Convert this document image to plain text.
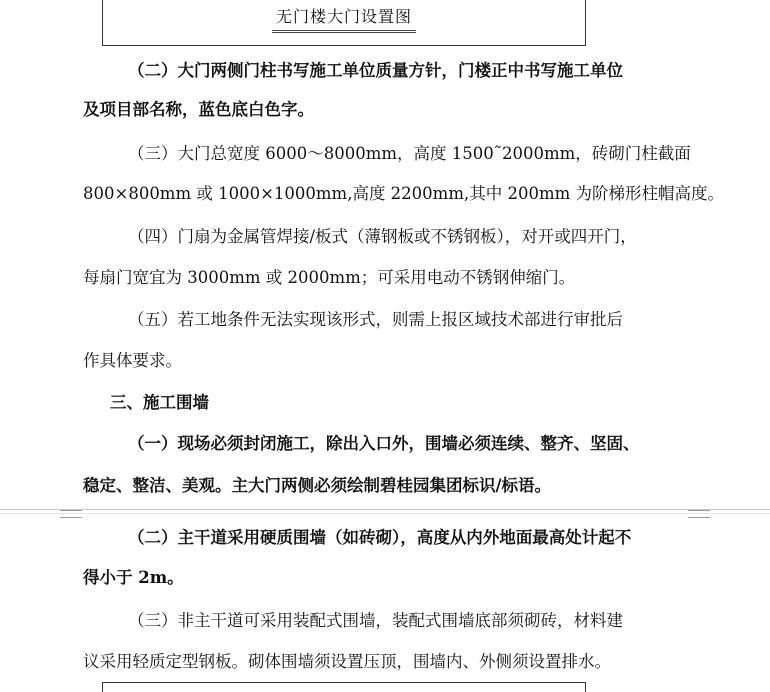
无门楼大门设置图
（二）大门两侧门柱书写施工单位质量方针，门楼正中书写施工单位
及项目部名称，蓝色底白色字。
（三）大门总宽度 6000～8000mm，高度 1500˜2000mm，砖砌门柱截面
800×800mm 或 1000×1000mm,高度 2200mm,其中 200mm 为阶梯形柱帽高度。
（四）门扇为金属管焊接/板式（薄钢板或不锈钢板），对开或四开门，
每扇门宽宜为 3000mm 或 2000mm；可采用电动不锈钢伸缩门。
（五）若工地条件无法实现该形式，则需上报区域技术部进行审批后
作具体要求。
三、施工围墙
（一）现场必须封闭施工，除出入口外，围墙必须连续、整齐、坚固、
稳定、整洁、美观。主大门两侧必须绘制碧桂园集团标识/标语。
（二）主干道采用硬质围墙（如砖砌），高度从内外地面最高处计起不
得小于 2m。
（三）非主干道可采用装配式围墙，装配式围墙底部须砌砖，材料建
议采用轻质定型钢板。砌体围墙须设置压顶，围墙内、外侧须设置排水。
